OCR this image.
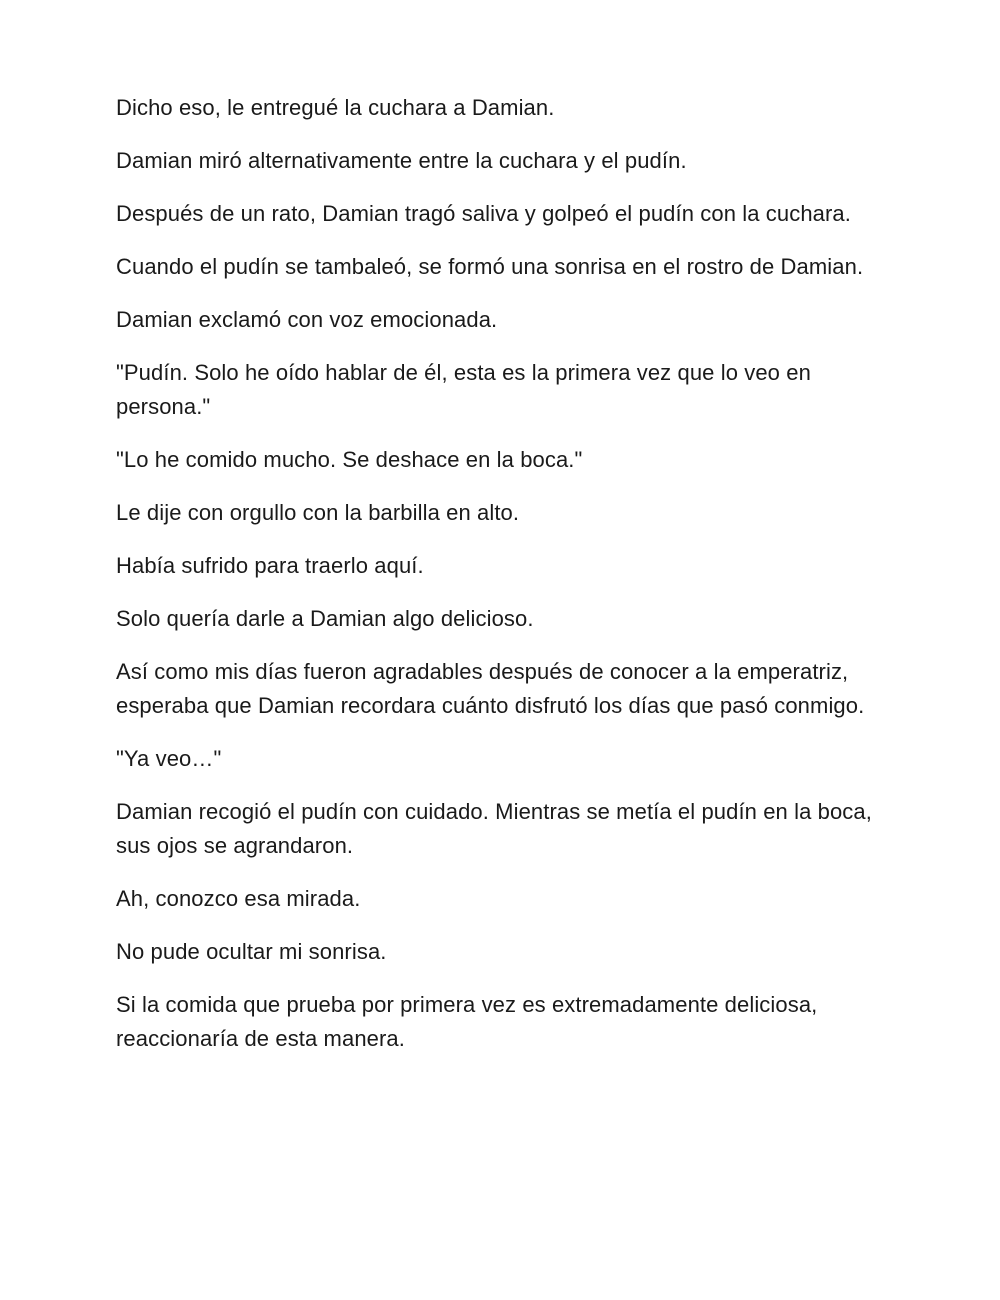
Dicho eso, le entregué la cuchara a Damian.

Damian miró alternativamente entre la cuchara y el pudín.

Después de un rato, Damian tragó saliva y golpeó el pudín con la cuchara.

Cuando el pudín se tambaleó, se formó una sonrisa en el rostro de Damian.

Damian exclamó con voz emocionada.

"Pudín. Solo he oído hablar de él, esta es la primera vez que lo veo en persona."

"Lo he comido mucho. Se deshace en la boca."

Le dije con orgullo con la barbilla en alto.

Había sufrido para traerlo aquí.

Solo quería darle a Damian algo delicioso.

Así como mis días fueron agradables después de conocer a la emperatriz, esperaba que Damian recordara cuánto disfrutó los días que pasó conmigo.

"Ya veo…"

Damian recogió el pudín con cuidado. Mientras se metía el pudín en la boca, sus ojos se agrandaron.

Ah, conozco esa mirada.

No pude ocultar mi sonrisa.

Si la comida que prueba por primera vez es extremadamente deliciosa, reaccionaría de esta manera.
